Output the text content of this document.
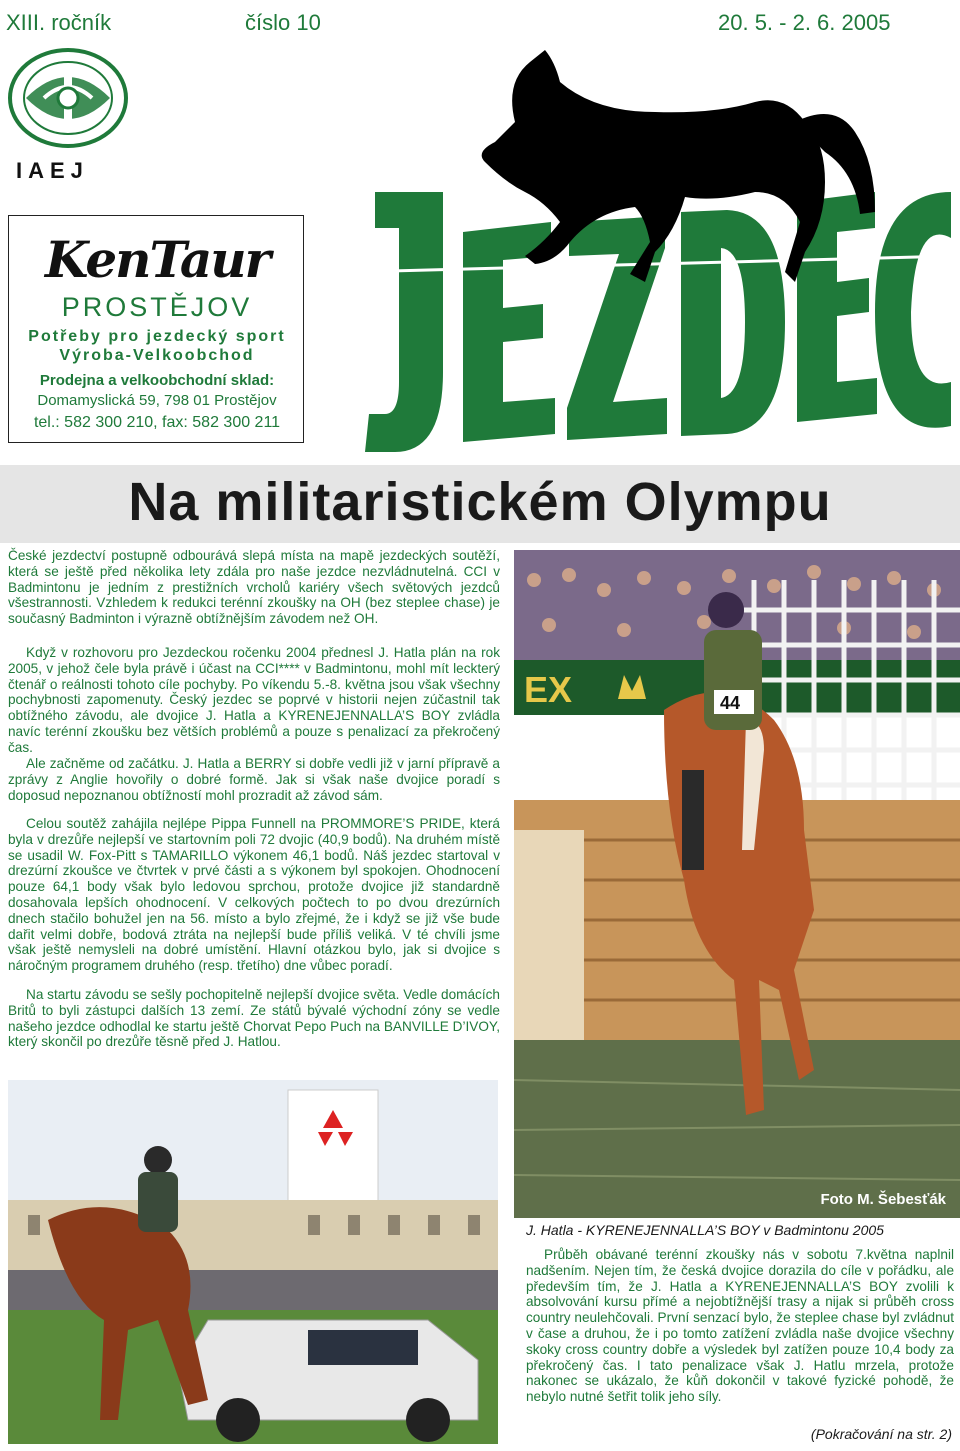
XIII. ročník	číslo 10	20. 5. - 2. 6. 2005
IAEJ
KenTaur
PROSTĚJOV
Potřeby pro jezdecký sport
Výroba-Velkoobchod
Prodejna a velkoobchodní sklad:
Domamyslická 59, 798 01 Prostějov
tel.: 582 300 210, fax: 582 300 211
Na militaristickém Olympu

České jezdectví postupně odbourává slepá místa na mapě jezdeckých soutěží, která se ještě před několika lety zdála pro naše jezdce nezvládnutelná. CCI v Badmintonu je jedním z prestižních vrcholů kariéry všech světových jezdců všestrannosti. Vzhledem k redukci terénní zkoušky na OH (bez steplee chase) je současný Badminton i výrazně obtížnějším závodem než OH.

Když v rozhovoru pro Jezdeckou ročenku 2004 přednesl J. Hatla plán na rok 2005, v jehož čele byla právě i účast na CCI**** v Badmintonu, mohl mít leckterý čtenář o reálnosti tohoto cíle pochyby. Po víkendu 5.-8. května jsou však všechny pochybnosti zapomenuty. Český jezdec se poprvé v historii nejen zúčastnil tak obtížného závodu, ale dvojice J. Hatla a KYRENEJENNALLA’S BOY zvládla navíc terénní zkoušku bez větších problémů a pouze s penalizací za překročený čas.

Ale začněme od začátku. J. Hatla a BERRY si dobře vedli již v jarní přípravě a zprávy z Anglie hovořily o dobré formě. Jak si však naše dvojice poradí s doposud nepoznanou obtížností mohl prozradit až závod sám.

Celou soutěž zahájila nejlépe Pippa Funnell na PROMMORE’S PRIDE, která byla v drezůře nejlepší ve startovním poli 72 dvojic (40,9 bodů). Na druhém místě se usadil W. Fox-Pitt s TAMARILLO výkonem 46,1 bodů. Náš jezdec startoval v drezúrní zkoušce ve čtvrtek v prvé části a s výkonem byl spokojen. Ohodnocení pouze 64,1 body však bylo ledovou sprchou, protože dvojice již standardně dosahovala lepších ohodnocení. V celkových počtech to po dvou drezúrních dnech stačilo bohužel jen na 56. místo a bylo zřejmé, že i když se již vše bude dařit velmi dobře, bodová ztráta na nejlepší bude příliš veliká. V té chvíli jsme však ještě nemysleli na dobré umístění. Hlavní otázkou bylo, jak si dvojice s náročným programem druhého (resp. třetího) dne vůbec poradí.

Na startu závodu se sešly pochopitelně nejlepší dvojice světa. Vedle domácích Britů to byli zástupci dalších 13 zemí. Ze států bývalé východní zóny se vedle našeho jezdce odhodlal ke startu ještě Chorvat Pepo Puch na BANVILLE D’IVOY, který skončil po drezůře těsně před J. Hatlou.

EX	44
Foto M. Šebesťák
J. Hatla - KYRENEJENNALLA’S BOY v Badmintonu 2005

Průběh obávané terénní zkoušky nás v sobotu 7.května naplnil nadšením. Nejen tím, že česká dvojice dorazila do cíle v pořádku, ale především tím, že J. Hatla a KYRENEJENNALLA’S BOY zvolili k absolvování kursu přímé a nejobtížnější trasy a nijak si průběh cross country neulehčovali. První senzací bylo, že steplee chase byl zvládnut v čase a druhou, že i po tomto zatížení zvládla naše dvojice všechny skoky cross country dobře a výsledek byl zatížen pouze 10,4 body za překročený čas. I tato penalizace však J. Hatlu mrzela, protože nakonec se ukázalo, že kůň dokončil v takové fyzické pohodě, že nebylo nutné šetřit tolik jeho síly.

(Pokračování na str. 2)
